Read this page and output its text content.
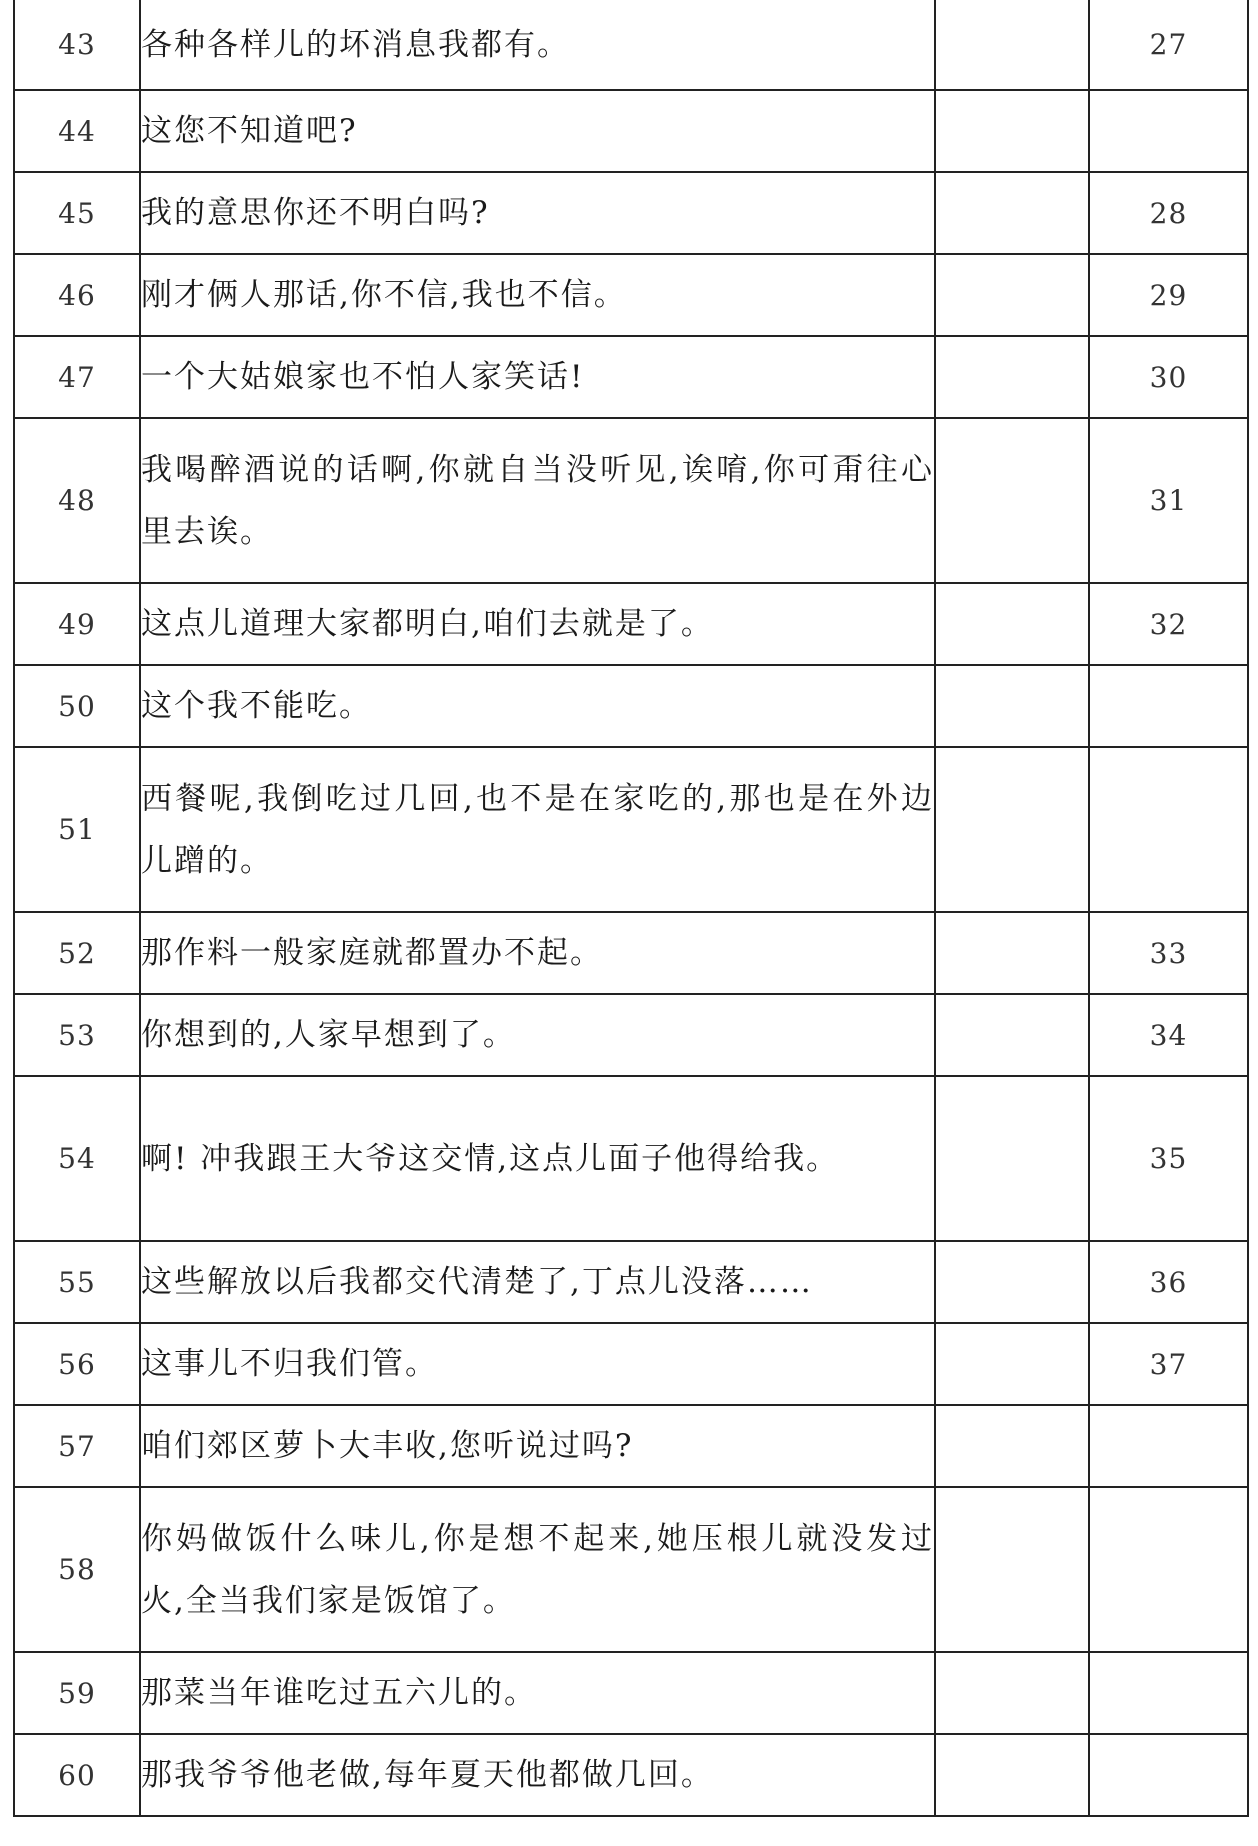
43	各种各样儿的坏消息我都有。		27
44	这您不知道吧?		
45	我的意思你还不明白吗?		28
46	刚才俩人那话,你不信,我也不信。		29
47	一个大姑娘家也不怕人家笑话!		30
48	我喝醉酒说的话啊,你就自当没听见,诶唷,你可甭往心里去诶。		31
49	这点儿道理大家都明白,咱们去就是了。		32
50	这个我不能吃。		
51	西餐呢,我倒吃过几回,也不是在家吃的,那也是在外边儿蹭的。		
52	那作料一般家庭就都置办不起。		33
53	你想到的,人家早想到了。		34
54	啊! 冲我跟王大爷这交情,这点儿面子他得给我。		35
55	这些解放以后我都交代清楚了,丁点儿没落……		36
56	这事儿不归我们管。		37
57	咱们郊区萝卜大丰收,您听说过吗?		
58	你妈做饭什么味儿,你是想不起来,她压根儿就没发过火,全当我们家是饭馆了。		
59	那菜当年谁吃过五六儿的。		
60	那我爷爷他老做,每年夏天他都做几回。		
